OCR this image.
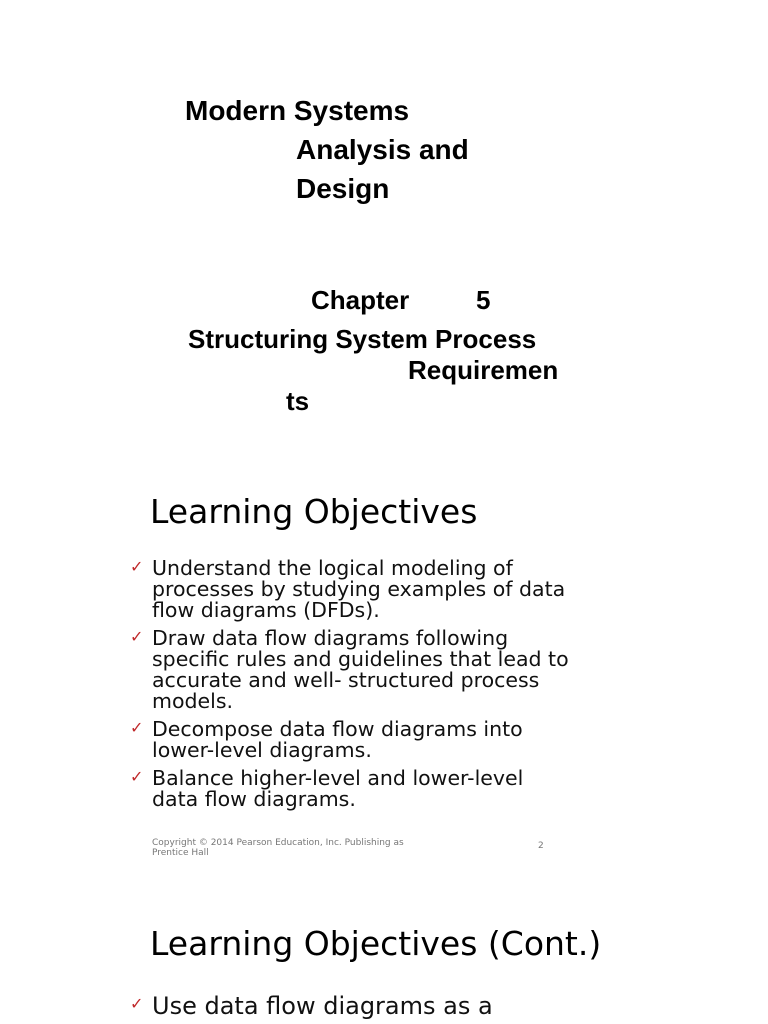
Modern Systems
Analysis and
Design
Chapter	5
Structuring System Process
Requiremen
ts
Learning Objectives
✓ Understand the logical modeling of
processes by studying examples of data
flow diagrams (DFDs).
✓ Draw data flow diagrams following
specific rules and guidelines that lead to
accurate and well- structured process
models.
✓ Decompose data flow diagrams into
lower-level diagrams.
✓ Balance higher-level and lower-level
data flow diagrams.
Copyright © 2014 Pearson Education, Inc. Publishing as Prentice Hall
2
Learning Objectives (Cont.)
✓ Use data flow diagrams as a
